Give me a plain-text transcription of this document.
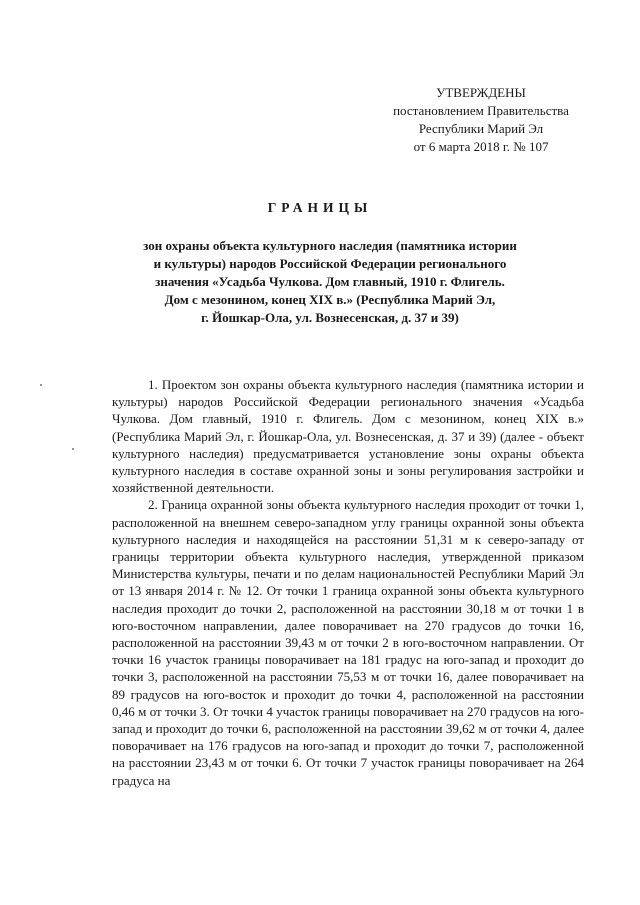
УТВЕРЖДЕНЫ
постановлением Правительства
Республики Марий Эл
от 6 марта 2018 г. № 107
ГРАНИЦЫ
зон охраны объекта культурного наследия (памятника истории
и культуры) народов Российской Федерации регионального
значения «Усадьба Чулкова. Дом главный, 1910 г. Флигель.
Дом с мезонином, конец XIX в.» (Республика Марий Эл,
г. Йошкар-Ола, ул. Вознесенская, д. 37 и 39)

1. Проектом зон охраны объекта культурного наследия (памятника истории и культуры) народов Российской Федерации регионального значения «Усадьба Чулкова. Дом главный, 1910 г. Флигель. Дом с мезонином, конец XIX в.» (Республика Марий Эл, г. Йошкар-Ола, ул. Вознесенская, д. 37 и 39) (далее - объект культурного наследия) предусматривается установление зоны охраны объекта культурного наследия в составе охранной зоны и зоны регулирования застройки и хозяйственной деятельности.

2. Граница охранной зоны объекта культурного наследия проходит от точки 1, расположенной на внешнем северо-западном углу границы охранной зоны объекта культурного наследия и находящейся на расстоянии 51,31 м к северо-западу от границы территории объекта культурного наследия, утвержденной приказом Министерства культуры, печати и по делам национальностей Республики Марий Эл от 13 января 2014 г. № 12. От точки 1 граница охранной зоны объекта культурного наследия проходит до точки 2, расположенной на расстоянии 30,18 м от точки 1 в юго-восточном направлении, далее поворачивает на 270 градусов до точки 16, расположенной на расстоянии 39,43 м от точки 2 в юго-восточном направлении. От точки 16 участок границы поворачивает на 181 градус на юго-запад и проходит до точки 3, расположенной на расстоянии 75,53 м от точки 16, далее поворачивает на 89 градусов на юго-восток и проходит до точки 4, расположенной на расстоянии 0,46 м от точки 3. От точки 4 участок границы поворачивает на 270 градусов на юго-запад и проходит до точки 6, расположенной на расстоянии 39,62 м от точки 4, далее поворачивает на 176 градусов на юго-запад и проходит до точки 7, расположенной на расстоянии 23,43 м от точки 6. От точки 7 участок границы поворачивает на 264 градуса на
